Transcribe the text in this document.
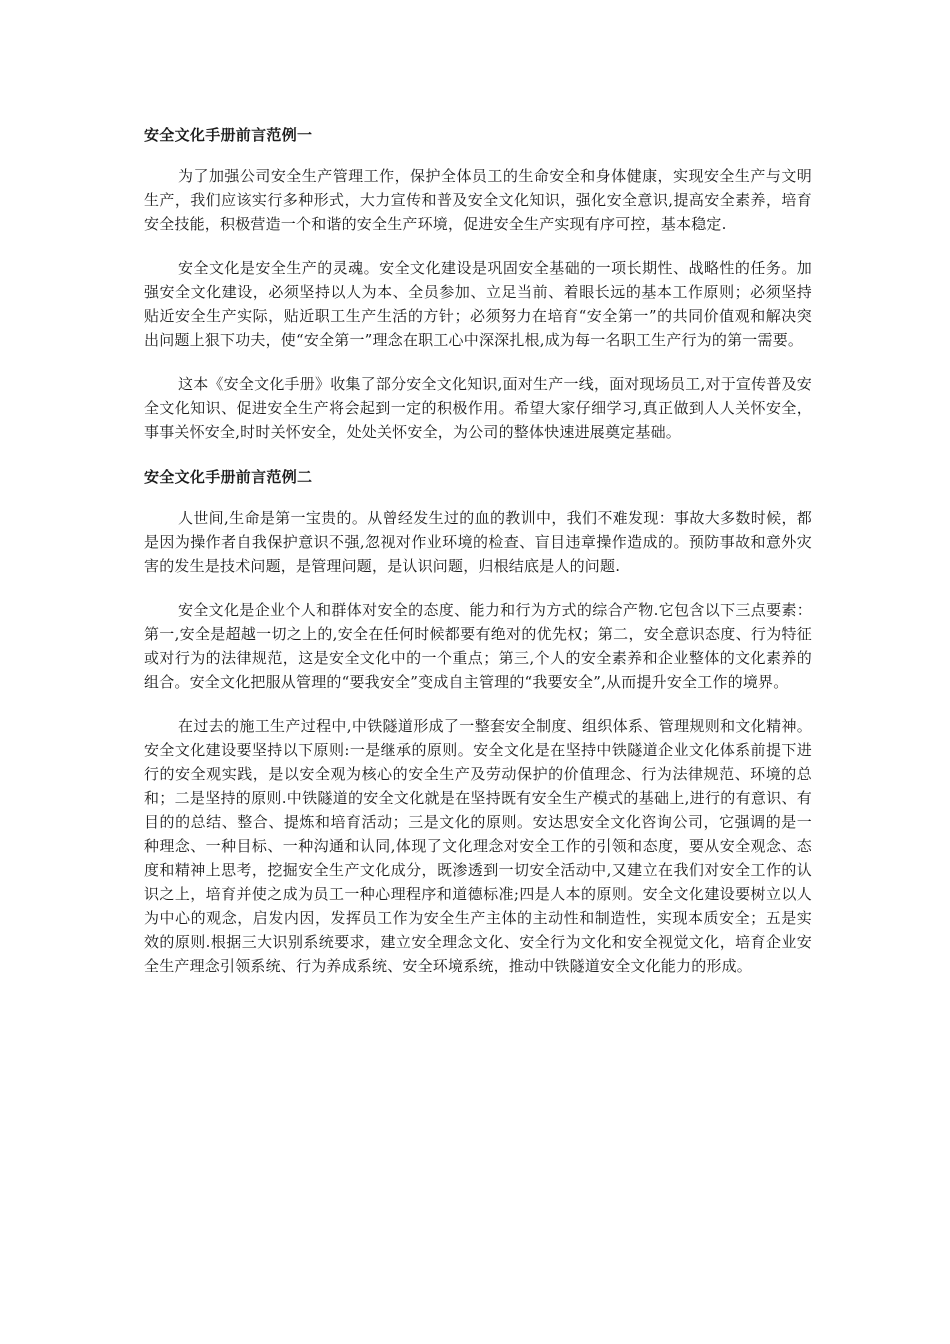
安全文化手册前言范例一

为了加强公司安全生产管理工作，保护全体员工的生命安全和身体健康，实现安全生产与文明生产，我们应该实行多种形式，大力宣传和普及安全文化知识，强化安全意识,提高安全素养，培育安全技能，积极营造一个和谐的安全生产环境，促进安全生产实现有序可控，基本稳定.

安全文化是安全生产的灵魂。安全文化建设是巩固安全基础的一项长期性、战略性的任务。加强安全文化建设，必须坚持以人为本、全员参加、立足当前、着眼长远的基本工作原则；必须坚持贴近安全生产实际，贴近职工生产生活的方针；必须努力在培育“安全第一”的共同价值观和解决突出问题上狠下功夫，使“安全第一”理念在职工心中深深扎根,成为每一名职工生产行为的第一需要。

这本《安全文化手册》收集了部分安全文化知识,面对生产一线，面对现场员工,对于宣传普及安全文化知识、促进安全生产将会起到一定的积极作用。希望大家仔细学习,真正做到人人关怀安全，事事关怀安全,时时关怀安全，处处关怀安全，为公司的整体快速进展奠定基础。

安全文化手册前言范例二

人世间,生命是第一宝贵的。从曾经发生过的血的教训中，我们不难发现：事故大多数时候，都是因为操作者自我保护意识不强,忽视对作业环境的检查、盲目违章操作造成的。预防事故和意外灾害的发生是技术问题，是管理问题，是认识问题，归根结底是人的问题.

安全文化是企业个人和群体对安全的态度、能力和行为方式的综合产物.它包含以下三点要素：第一,安全是超越一切之上的,安全在任何时候都要有绝对的优先权；第二，安全意识态度、行为特征或对行为的法律规范，这是安全文化中的一个重点；第三,个人的安全素养和企业整体的文化素养的组合。安全文化把服从管理的“要我安全”变成自主管理的“我要安全”,从而提升安全工作的境界。

在过去的施工生产过程中,中铁隧道形成了一整套安全制度、组织体系、管理规则和文化精神。安全文化建设要坚持以下原则:一是继承的原则。安全文化是在坚持中铁隧道企业文化体系前提下进行的安全观实践，是以安全观为核心的安全生产及劳动保护的价值理念、行为法律规范、环境的总和；二是坚持的原则.中铁隧道的安全文化就是在坚持既有安全生产模式的基础上,进行的有意识、有目的的总结、整合、提炼和培育活动；三是文化的原则。安达思安全文化咨询公司，它强调的是一种理念、一种目标、一种沟通和认同,体现了文化理念对安全工作的引领和态度，要从安全观念、态度和精神上思考，挖掘安全生产文化成分，既渗透到一切安全活动中,又建立在我们对安全工作的认识之上，培育并使之成为员工一种心理程序和道德标准;四是人本的原则。安全文化建设要树立以人为中心的观念，启发内因，发挥员工作为安全生产主体的主动性和制造性，实现本质安全；五是实效的原则.根据三大识别系统要求，建立安全理念文化、安全行为文化和安全视觉文化，培育企业安全生产理念引领系统、行为养成系统、安全环境系统，推动中铁隧道安全文化能力的形成。
